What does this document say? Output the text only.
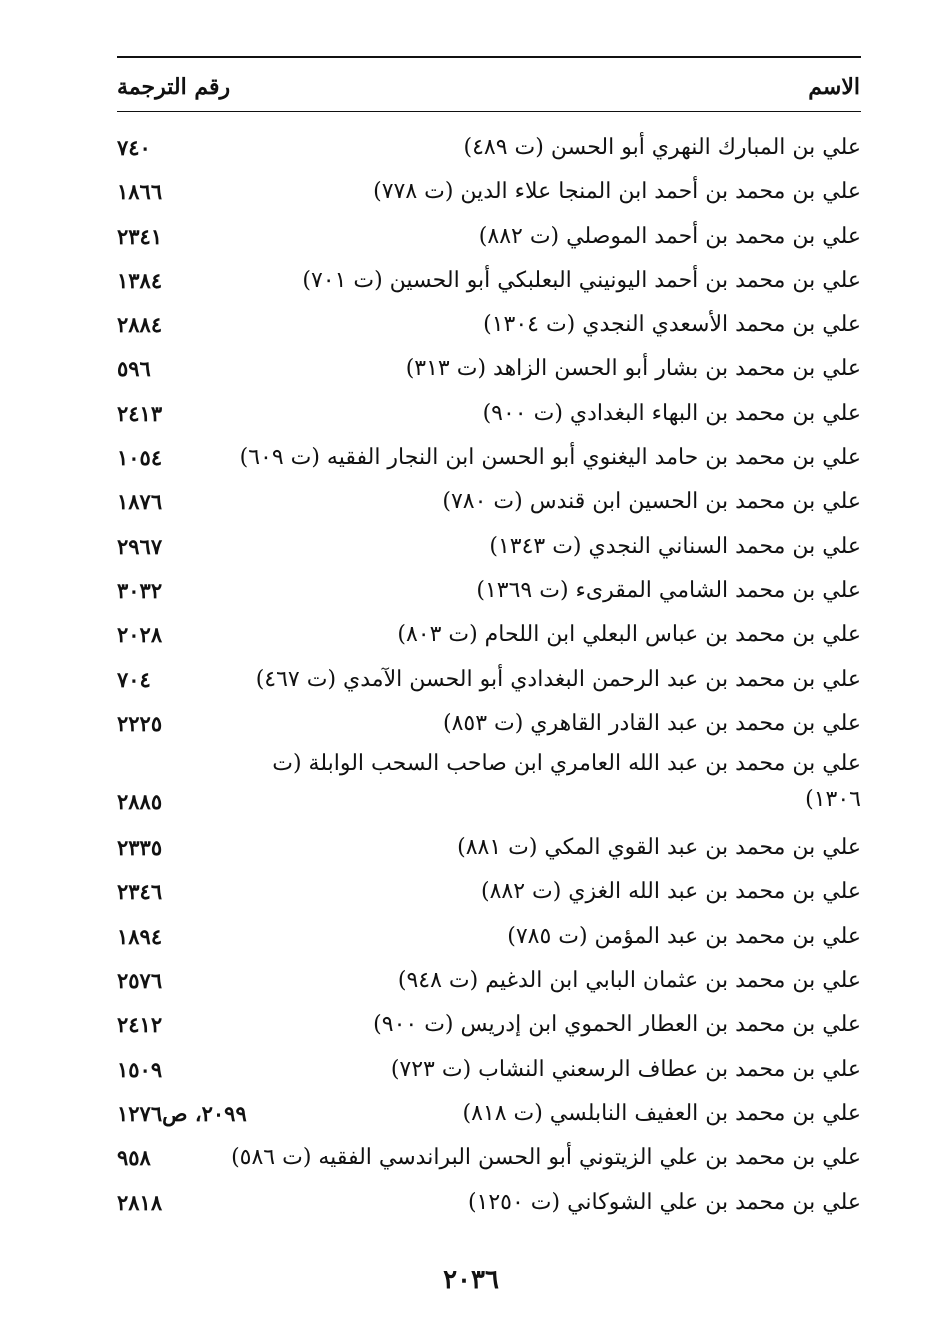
الاسم
رقم الترجمة
علي بن المبارك النهري أبو الحسن (ت ٤٨٩)
٧٤٠
علي بن محمد بن أحمد ابن المنجا علاء الدين (ت ٧٧٨)
١٨٦٦
علي بن محمد بن أحمد الموصلي (ت ٨٨٢)
٢٣٤١
علي بن محمد بن أحمد اليونيني البعلبكي أبو الحسين (ت ٧٠١)
١٣٨٤
علي بن محمد الأسعدي النجدي (ت ١٣٠٤)
٢٨٨٤
علي بن محمد بن بشار أبو الحسن الزاهد (ت ٣١٣)
٥٩٦
علي بن محمد بن البهاء البغدادي (ت ٩٠٠)
٢٤١٣
علي بن محمد بن حامد اليغنوي أبو الحسن ابن النجار الفقيه (ت ٦٠٩)
١٠٥٤
علي بن محمد بن الحسين ابن قندس (ت ٧٨٠)
١٨٧٦
علي بن محمد السناني النجدي (ت ١٣٤٣)
٢٩٦٧
علي بن محمد الشامي المقرىء (ت ١٣٦٩)
٣٠٣٢
علي بن محمد بن عباس البعلي ابن اللحام (ت ٨٠٣)
٢٠٢٨
علي بن محمد بن عبد الرحمن البغدادي أبو الحسن الآمدي (ت ٤٦٧)
٧٠٤
علي بن محمد بن عبد القادر القاهري (ت ٨٥٣)
٢٢٢٥
علي بن محمد بن عبد الله العامري ابن صاحب السحب الوابلة (ت ١٣٠٦)
٢٨٨٥
علي بن محمد بن عبد القوي المكي (ت ٨٨١)
٢٣٣٥
علي بن محمد بن عبد الله الغزي (ت ٨٨٢)
٢٣٤٦
علي بن محمد بن عبد المؤمن (ت ٧٨٥)
١٨٩٤
علي بن محمد بن عثمان البابي ابن الدغيم (ت ٩٤٨)
٢٥٧٦
علي بن محمد بن العطار الحموي ابن إدريس (ت ٩٠٠)
٢٤١٢
علي بن محمد بن عطاف الرسعني النشاب (ت ٧٢٣)
١٥٠٩
علي بن محمد بن العفيف النابلسي (ت ٨١٨)
٢٠٩٩، ص١٢٧٦
علي بن محمد بن علي الزيتوني أبو الحسن البراندسي الفقيه (ت ٥٨٦)
٩٥٨
علي بن محمد بن علي الشوكاني (ت ١٢٥٠)
٢٨١٨
٢٠٣٦
